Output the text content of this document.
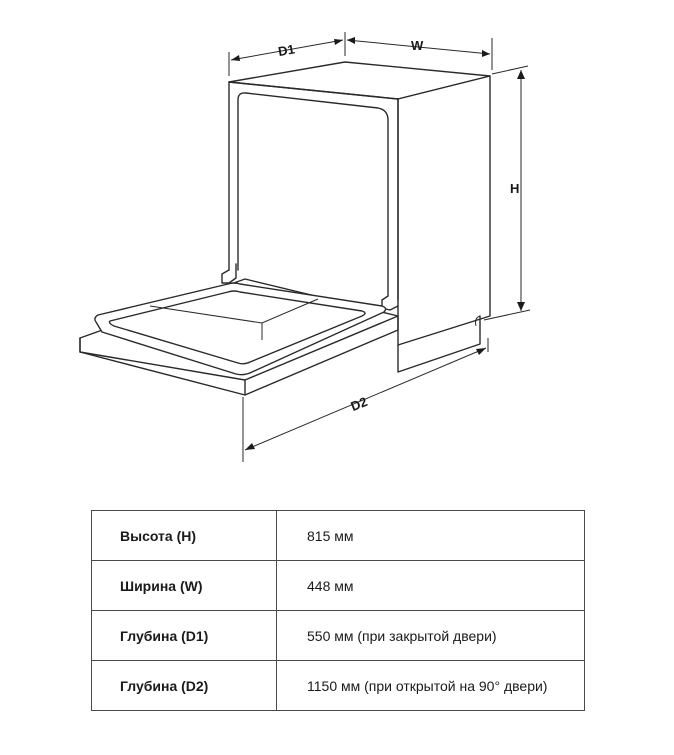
D1	W
H
D2
Высота (H)	815 мм
Ширина (W)	448 мм
Глубина (D1)	550 мм (при закрытой двери)
Глубина (D2)	1150 мм (при открытой на 90° двери)
